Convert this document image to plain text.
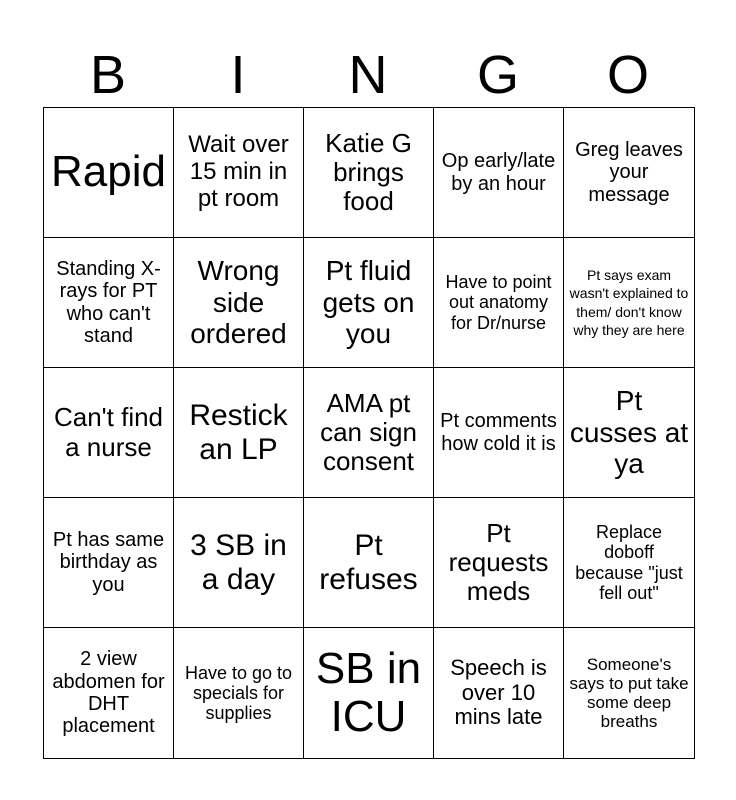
B	I	N	G	O
Rapid
Wait over 15 min in pt room
Katie G brings food
Op early/late by an hour
Greg leaves your message
Standing X-rays for PT who can't stand
Wrong side ordered
Pt fluid gets on you
Have to point out anatomy for Dr/nurse
Pt says exam wasn't explained to them/ don't know why they are here
Can't find a nurse
Restick an LP
AMA pt can sign consent
Pt comments how cold it is
Pt cusses at ya
Pt has same birthday as you
3 SB in a day
Pt refuses
Pt requests meds
Replace doboff because "just fell out"
2 view abdomen for DHT placement
Have to go to specials for supplies
SB in ICU
Speech is over 10 mins late
Someone's says to put take some deep breaths
